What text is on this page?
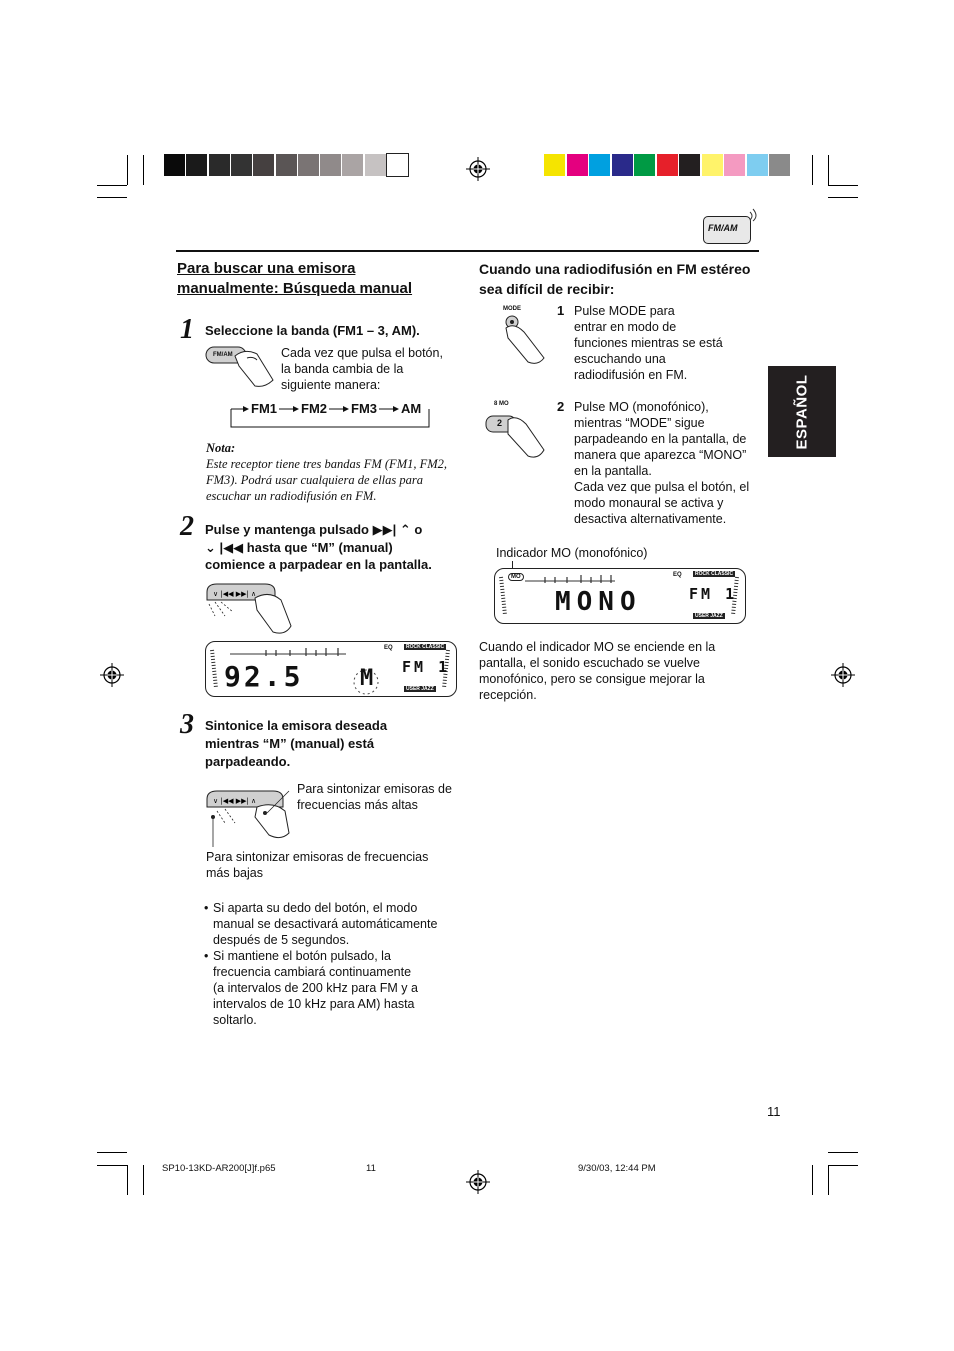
FM/AM
ESPAÑOL
Para buscar una emisora
manualmente: Búsqueda manual
1 Seleccione la banda (FM1 – 3, AM).
FM/AM	Cada vez que pulsa el botón,
la banda cambia de la
siguiente manera:
FM1 FM2 FM3 AM
Nota:
Este receptor tiene tres bandas FM (FM1, FM2,
FM3). Podrá usar cualquiera de ellas para
escuchar un radiodifusión en FM.
2 Pulse y mantenga pulsado ▶▶| ⌃ o
⌄ |◀◀ hasta que “M” (manual)
comience a parpadear en la pantalla.
∨ |◀◀ ▶▶| ∧
EQ	ROCK CLASSIC
USER JAZZ
92.5	M FM 1
3 Sintonice la emisora deseada
mientras “M” (manual) está
parpadeando.
∨ |◀◀ ▶▶| ∧
Para sintonizar emisoras de
frecuencias más altas
Para sintonizar emisoras de frecuencias
más bajas
• Si aparta su dedo del botón, el modo
manual se desactivará automáticamente
después de 5 segundos.
• Si mantiene el botón pulsado, la
frecuencia cambiará continuamente
(a intervalos de 200 kHz para FM y a
intervalos de 10 kHz para AM) hasta
soltarlo.
Cuando una radiodifusión en FM estéreo
sea difícil de recibir:
MODE	1 Pulse MODE para
entrar en modo de
funciones mientras se está
escuchando una
radiodifusión en FM.
8 MO
2
2 Pulse MO (monofónico),
mientras “MODE” sigue
parpadeando en la pantalla, de
manera que aparezca “MONO”
en la pantalla.
Cada vez que pulsa el botón, el
modo monaural se activa y
desactiva alternativamente.
Indicador MO (monofónico)
MO	EQ	ROCK CLASSIC
USER JAZZ
MONO	FM 1
Cuando el indicador MO se enciende en la
pantalla, el sonido escuchado se vuelve
monofónico, pero se consigue mejorar la
recepción.
11
SP10-13KD-AR200[J]f.p65	11	9/30/03, 12:44 PM
